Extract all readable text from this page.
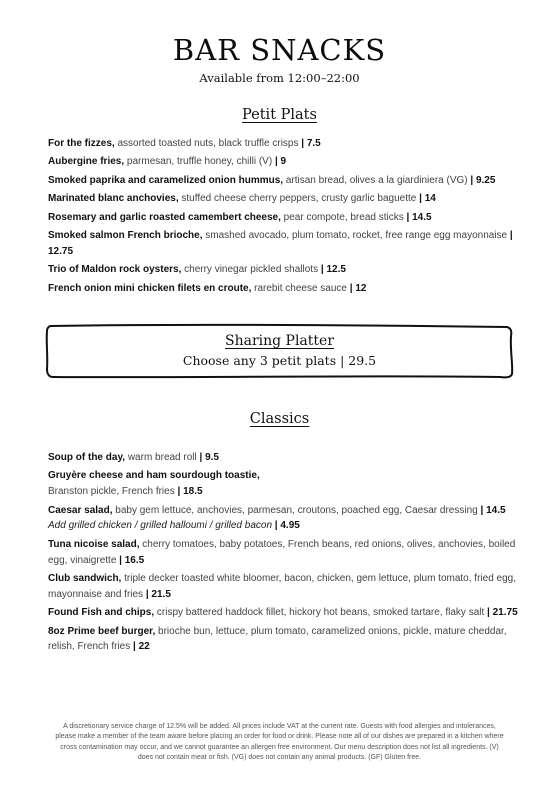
BAR SNACKS
Available from 12:00–22:00
Petit Plats
For the fizzes, assorted toasted nuts, black truffle crisps | 7.5
Aubergine fries, parmesan, truffle honey, chilli (V) | 9
Smoked paprika and caramelized onion hummus, artisan bread, olives a la giardiniera (VG) | 9.25
Marinated blanc anchovies, stuffed cheese cherry peppers, crusty garlic baguette | 14
Rosemary and garlic roasted camembert cheese, pear compote, bread sticks | 14.5
Smoked salmon French brioche, smashed avocado, plum tomato, rocket, free range egg mayonnaise | 12.75
Trio of Maldon rock oysters, cherry vinegar pickled shallots | 12.5
French onion mini chicken filets en croute, rarebit cheese sauce | 12
Sharing Platter
Choose any 3 petit plats | 29.5
Classics
Soup of the day, warm bread roll | 9.5
Gruyère cheese and ham sourdough toastie,
Branston pickle, French fries | 18.5
Caesar salad, baby gem lettuce, anchovies, parmesan, croutons, poached egg, Caesar dressing | 14.5
Add grilled chicken / grilled halloumi / grilled bacon | 4.95
Tuna nicoise salad, cherry tomatoes, baby potatoes, French beans, red onions, olives, anchovies, boiled egg, vinaigrette | 16.5
Club sandwich, triple decker toasted white bloomer, bacon, chicken, gem lettuce, plum tomato, fried egg, mayonnaise and fries | 21.5
Found Fish and chips, crispy battered haddock fillet, hickory hot beans, smoked tartare, flaky salt | 21.75
8oz Prime beef burger, brioche bun, lettuce, plum tomato, caramelized onions, pickle, mature cheddar, relish, French fries | 22
A discretionary service charge of 12.5% will be added. All prices include VAT at the current rate. Guests with food allergies and intolerances, please make a member of the team aware before placing an order for food or drink. Please note all of our dishes are prepared in a kitchen where cross contamination may occur, and we cannot guarantee an allergen free environment. Our menu description does not list all ingredients. (V) does not contain meat or fish. (VG) does not contain any animal products. (GF) Gluten free.
